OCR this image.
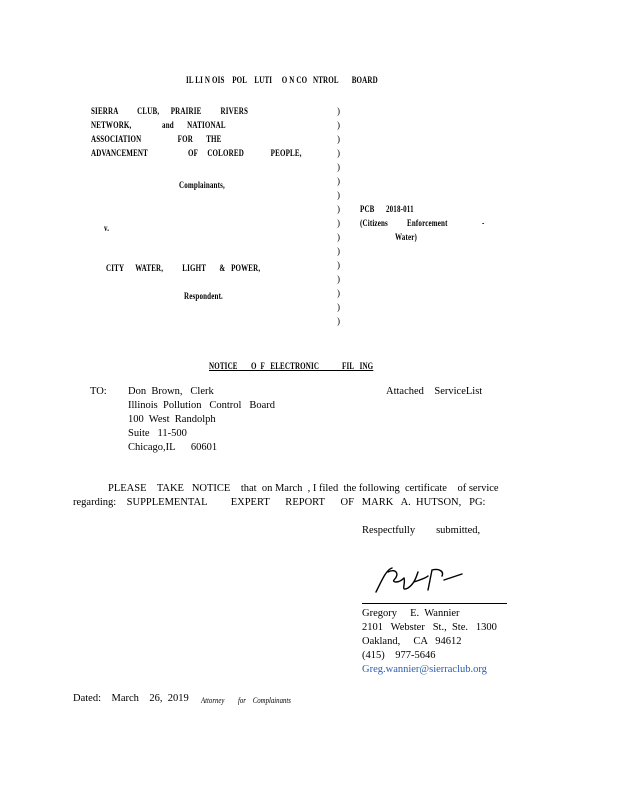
IL LI N OIS    POL    LUTI     O N CO   NTROL       BOARD
SIERRA          CLUB,      PRAIRIE          RIVERS
NETWORK,                and       NATIONAL
ASSOCIATION                   FOR       THE
ADVANCEMENT                     OF     COLORED              PEOPLE,
Complainants,
v.
CITY      WATER,          LIGHT       &   POWER,
Respondent.
)
)
)
)
)
)
)
)
)
)
)
)
)
)
)
)
PCB      2018-011
(Citizens          Enforcement                  -
Water)
NOTICE       O  F   ELECTRONIC            FIL   ING
TO: Don  Brown,   Clerk
Illinois  Pollution   Control   Board
100  West  Randolph
Suite   11-500
Chicago,IL      60601
Attached    ServiceList
PLEASE    TAKE   NOTICE    that  on March  , I filed  the following  certificate    of service
regarding:    SUPPLEMENTAL         EXPERT      REPORT      OF   MARK   A.  HUTSON,   PG:
Respectfully        submitted,
Gregory     E.  Wannier
2101   Webster   St.,  Ste.   1300
Oakland,     CA   94612
(415)    977-5646
Greg.wannier@sierraclub.org
Dated:    March    26,  2019 Attorney        for    Complainants
